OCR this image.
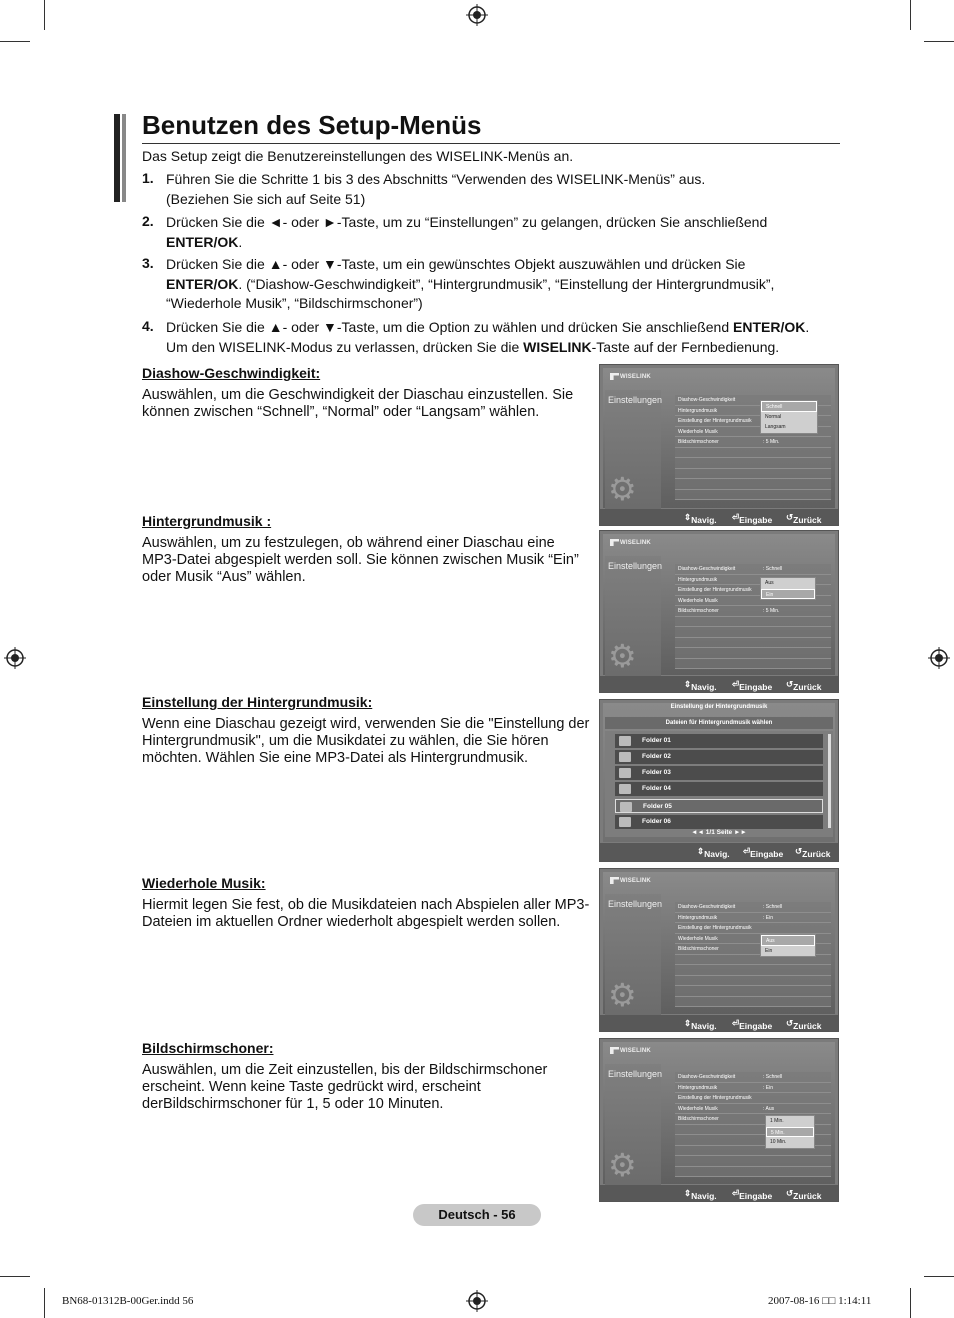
Benutzen des Setup-Menüs
Das Setup zeigt die Benutzereinstellungen des WISELINK-Menüs an.
1. Führen Sie die Schritte 1 bis 3 des Abschnitts “Verwenden des WISELINK-Menüs” aus.
(Beziehen Sie sich auf Seite 51)
2. Drücken Sie die ◄- oder ►-Taste, um zu “Einstellungen” zu gelangen, drücken Sie anschließend
ENTER/OK.
3. Drücken Sie die ▲- oder ▼-Taste, um ein gewünschtes Objekt auszuwählen und drücken Sie ENTER/OK. (“Diashow-Geschwindigkeit”, “Hintergrundmusik”, “Einstellung der Hintergrundmusik”, “Wiederhole Musik”, “Bildschirmschoner”)
4. Drücken Sie die ▲- oder ▼-Taste, um die Option zu wählen und drücken Sie anschließend ENTER/OK.
Um den WISELINK-Modus zu verlassen, drücken Sie die WISELINK-Taste auf der Fernbedienung.
Diashow-Geschwindigkeit:
Auswählen, um die Geschwindigkeit der Diaschau einzustellen. Sie können zwischen “Schnell”, “Normal” oder “Langsam” wählen.
Hintergrundmusik :
Auswählen, um zu festzulegen, ob während einer Diaschau eine MP3-Datei abgespielt werden soll. Sie können zwischen Musik “Ein” oder Musik “Aus” wählen.
Einstellung der Hintergrundmusik:
Wenn eine Diaschau gezeigt wird, verwenden Sie die "Einstellung der Hintergrundmusik", um die Musikdatei zu wählen, die Sie hören möchten. Wählen Sie eine MP3-Datei als Hintergrundmusik.
Wiederhole Musik:
Hiermit legen Sie fest, ob die Musikdateien nach Abspielen aller MP3-Dateien im aktuellen Ordner wiederholt abgespielt werden sollen.
Bildschirmschoner:
Auswählen, um die Zeit einzustellen, bis der Bildschirmschoner erscheint. Wenn keine Taste gedrückt wird, erscheint derBildschirmschoner für 1, 5 oder 10 Minuten.
WISELINK
Einstellungen
⚙
Diashow-Geschwindigkeit
Hintergrundmusik
Einstellung der Hintergrundmusik
Wiederhole Musik
Bildschirmschoner	: 5 Min.
Schnell
Normal
Langsam
⇕ Navig. ⏎ Eingabe ↺ Zurück
WISELINK
Einstellungen
⚙
Diashow-Geschwindigkeit	: Schnell
Hintergrundmusik
Einstellung der Hintergrundmusik
Wiederhole Musik
Bildschirmschoner	: 5 Min.
Aus
Ein
⇕ Navig. ⏎ Eingabe ↺ Zurück
Einstellung der Hintergrundmusik
Dateien für Hintergrundmusik wählen
Folder 01
Folder 02
Folder 03
Folder 04
Folder 05
Folder 06
◄◄ 1/1 Seite ►►
⇕ Navig. ⏎ Eingabe ↺ Zurück
WISELINK
Einstellungen
⚙
Diashow-Geschwindigkeit	: Schnell
Hintergrundmusik	: Ein
Einstellung der Hintergrundmusik
Wiederhole Musik
Bildschirmschoner
Aus
Ein
⇕ Navig. ⏎ Eingabe ↺ Zurück
WISELINK
Einstellungen
⚙
Diashow-Geschwindigkeit	: Schnell
Hintergrundmusik	: Ein
Einstellung der Hintergrundmusik
Wiederhole Musik	: Aus
Bildschirmschoner	1 Min.
5 Min.
10 Min.
⇕ Navig. ⏎ Eingabe ↺ Zurück
Deutsch - 56
BN68-01312B-00Ger.indd 56	2007-08-16 □□ 1:14:11
